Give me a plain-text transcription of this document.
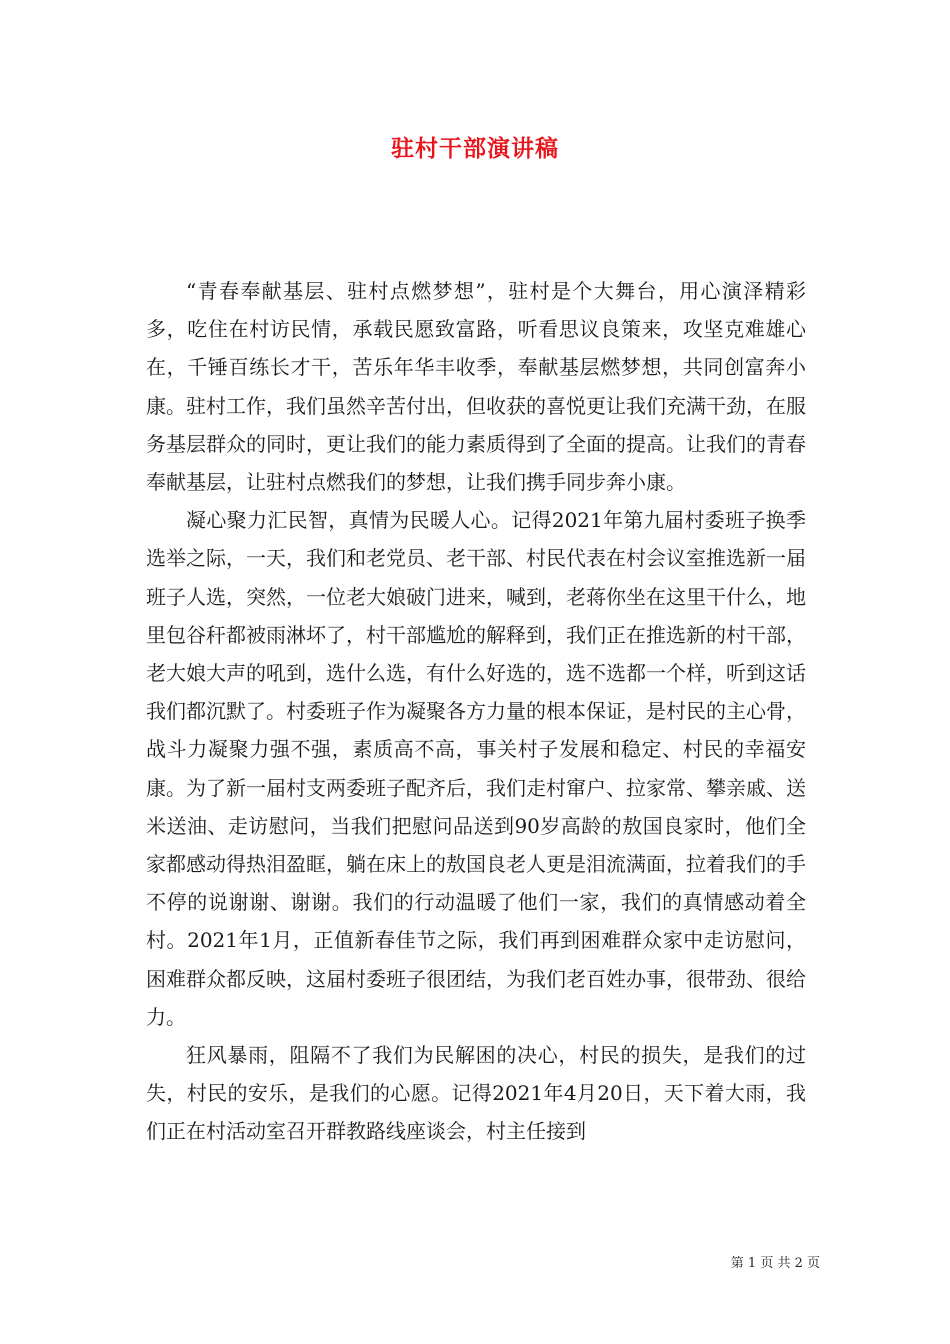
驻村干部演讲稿

“青春奉献基层、驻村点燃梦想”，驻村是个大舞台，用心演泽精彩多，吃住在村访民情，承载民愿致富路，听看思议良策来，攻坚克难雄心在，千锤百练长才干，苦乐年华丰收季，奉献基层燃梦想，共同创富奔小康。驻村工作，我们虽然辛苦付出，但收获的喜悦更让我们充满干劲，在服务基层群众的同时，更让我们的能力素质得到了全面的提高。让我们的青春奉献基层，让驻村点燃我们的梦想，让我们携手同步奔小康。

凝心聚力汇民智，真情为民暖人心。记得2021年第九届村委班子换季选举之际，一天，我们和老党员、老干部、村民代表在村会议室推选新一届班子人选，突然，一位老大娘破门进来，喊到，老蒋你坐在这里干什么，地里包谷秆都被雨淋坏了，村干部尴尬的解释到，我们正在推选新的村干部，老大娘大声的吼到，选什么选，有什么好选的，选不选都一个样，听到这话我们都沉默了。村委班子作为凝聚各方力量的根本保证，是村民的主心骨，战斗力凝聚力强不强，素质高不高，事关村子发展和稳定、村民的幸福安康。为了新一届村支两委班子配齐后，我们走村窜户、拉家常、攀亲戚、送米送油、走访慰问，当我们把慰问品送到90岁高龄的敖国良家时，他们全家都感动得热泪盈眶，躺在床上的敖国良老人更是泪流满面，拉着我们的手不停的说谢谢、谢谢。我们的行动温暖了他们一家，我们的真情感动着全村。2021年1月，正值新春佳节之际，我们再到困难群众家中走访慰问，困难群众都反映，这届村委班子很团结，为我们老百姓办事，很带劲、很给力。

狂风暴雨，阻隔不了我们为民解困的决心，村民的损失，是我们的过失，村民的安乐，是我们的心愿。记得2021年4月20日，天下着大雨，我们正在村活动室召开群教路线座谈会，村主任接到

第 1 页 共 2 页
